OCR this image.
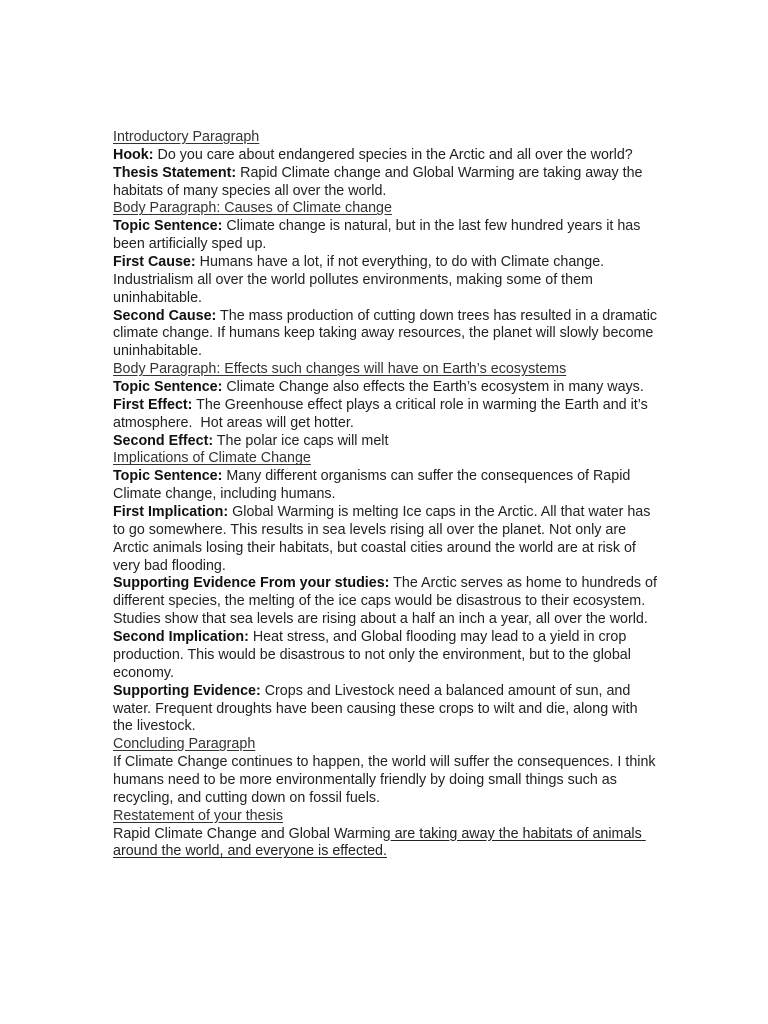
Introductory Paragraph
Hook: Do you care about endangered species in the Arctic and all over the world?
Thesis Statement: Rapid Climate change and Global Warming are taking away the habitats of many species all over the world.
Body Paragraph: Causes of Climate change
Topic Sentence: Climate change is natural, but in the last few hundred years it has been artificially sped up.
First Cause: Humans have a lot, if not everything, to do with Climate change. Industrialism all over the world pollutes environments, making some of them uninhabitable.
Second Cause: The mass production of cutting down trees has resulted in a dramatic climate change. If humans keep taking away resources, the planet will slowly become uninhabitable.
Body Paragraph: Effects such changes will have on Earth’s ecosystems
Topic Sentence: Climate Change also effects the Earth’s ecosystem in many ways.
First Effect: The Greenhouse effect plays a critical role in warming the Earth and it’s atmosphere.  Hot areas will get hotter.
Second Effect: The polar ice caps will melt
Implications of Climate Change
Topic Sentence: Many different organisms can suffer the consequences of Rapid Climate change, including humans.
First Implication: Global Warming is melting Ice caps in the Arctic. All that water has to go somewhere. This results in sea levels rising all over the planet. Not only are Arctic animals losing their habitats, but coastal cities around the world are at risk of very bad flooding.
Supporting Evidence From your studies: The Arctic serves as home to hundreds of different species, the melting of the ice caps would be disastrous to their ecosystem. Studies show that sea levels are rising about a half an inch a year, all over the world.
Second Implication: Heat stress, and Global flooding may lead to a yield in crop production. This would be disastrous to not only the environment, but to the global economy.
Supporting Evidence: Crops and Livestock need a balanced amount of sun, and water. Frequent droughts have been causing these crops to wilt and die, along with the livestock.
Concluding Paragraph
If Climate Change continues to happen, the world will suffer the consequences. I think humans need to be more environmentally friendly by doing small things such as recycling, and cutting down on fossil fuels.
Restatement of your thesis
Rapid Climate Change and Global Warming are taking away the habitats of animals around the world, and everyone is effected.
